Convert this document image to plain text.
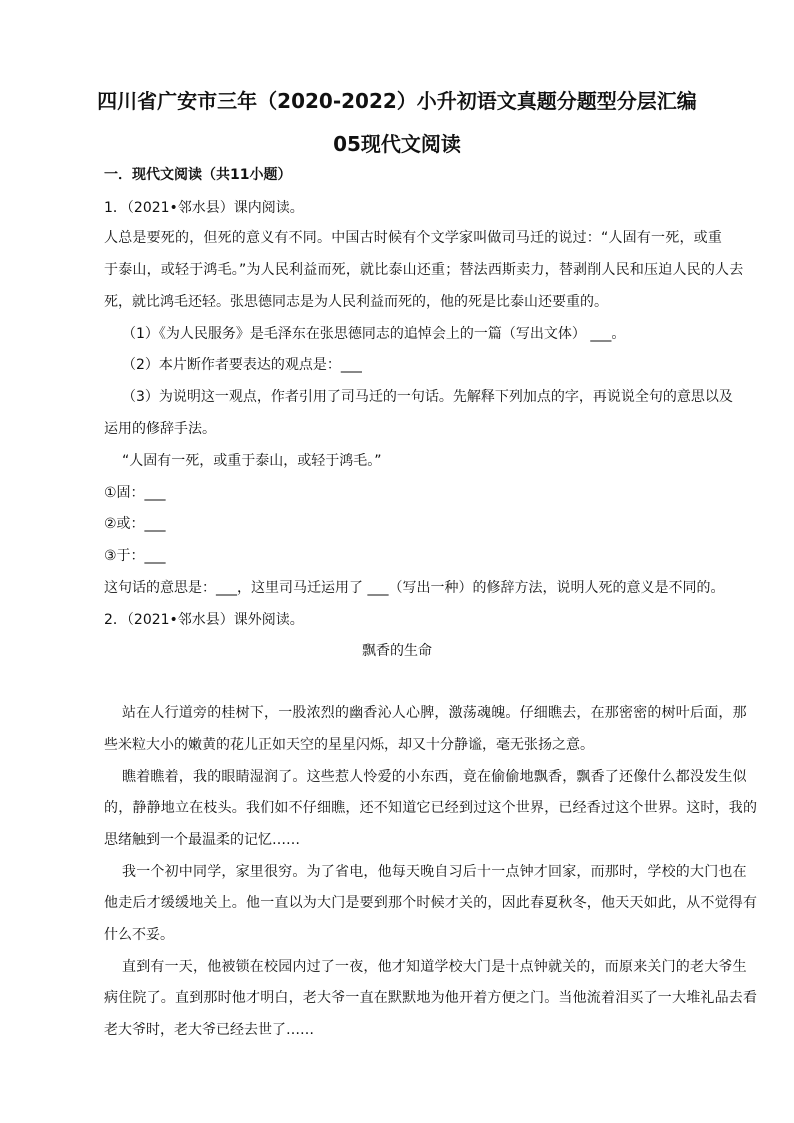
四川省广安市三年（2020-2022）小升初语文真题分题型分层汇编
05现代文阅读
一．现代文阅读（共11小题）
1．（2021•邻水县）课内阅读。
人总是要死的，但死的意义有不同。中国古时候有个文学家叫做司马迁的说过：“人固有一死，或重
于泰山，或轻于鸿毛。”为人民利益而死，就比泰山还重；替法西斯卖力，替剥削人民和压迫人民的人去
死，就比鸿毛还轻。张思德同志是为人民利益而死的，他的死是比泰山还要重的。
（1）《为人民服务》是毛泽东在张思德同志的追悼会上的一篇（写出文体） ___。
（2）本片断作者要表达的观点是：___
（3）为说明这一观点，作者引用了司马迁的一句话。先解释下列加点的字，再说说全句的意思以及
运用的修辞手法。
“人固有一死，或重于泰山，或轻于鸿毛。”
①固：___
②或：___
③于：___
这句话的意思是：___，这里司马迁运用了 ___（写出一种）的修辞方法，说明人死的意义是不同的。
2．（2021•邻水县）课外阅读。
飘香的生命
站在人行道旁的桂树下，一股浓烈的幽香沁人心脾，激荡魂魄。仔细瞧去，在那密密的树叶后面，那
些米粒大小的嫩黄的花儿正如天空的星星闪烁，却又十分静谧，毫无张扬之意。
瞧着瞧着，我的眼睛湿润了。这些惹人怜爱的小东西，竟在偷偷地飘香，飘香了还像什么都没发生似
的，静静地立在枝头。我们如不仔细瞧，还不知道它已经到过这个世界，已经香过这个世界。这时，我的
思绪触到一个最温柔的记忆……
我一个初中同学，家里很穷。为了省电，他每天晚自习后十一点钟才回家，而那时，学校的大门也在
他走后才缓缓地关上。他一直以为大门是要到那个时候才关的，因此春夏秋冬，他天天如此，从不觉得有
什么不妥。
直到有一天，他被锁在校园内过了一夜，他才知道学校大门是十点钟就关的，而原来关门的老大爷生
病住院了。直到那时他才明白，老大爷一直在默默地为他开着方便之门。当他流着泪买了一大堆礼品去看
老大爷时，老大爷已经去世了……
